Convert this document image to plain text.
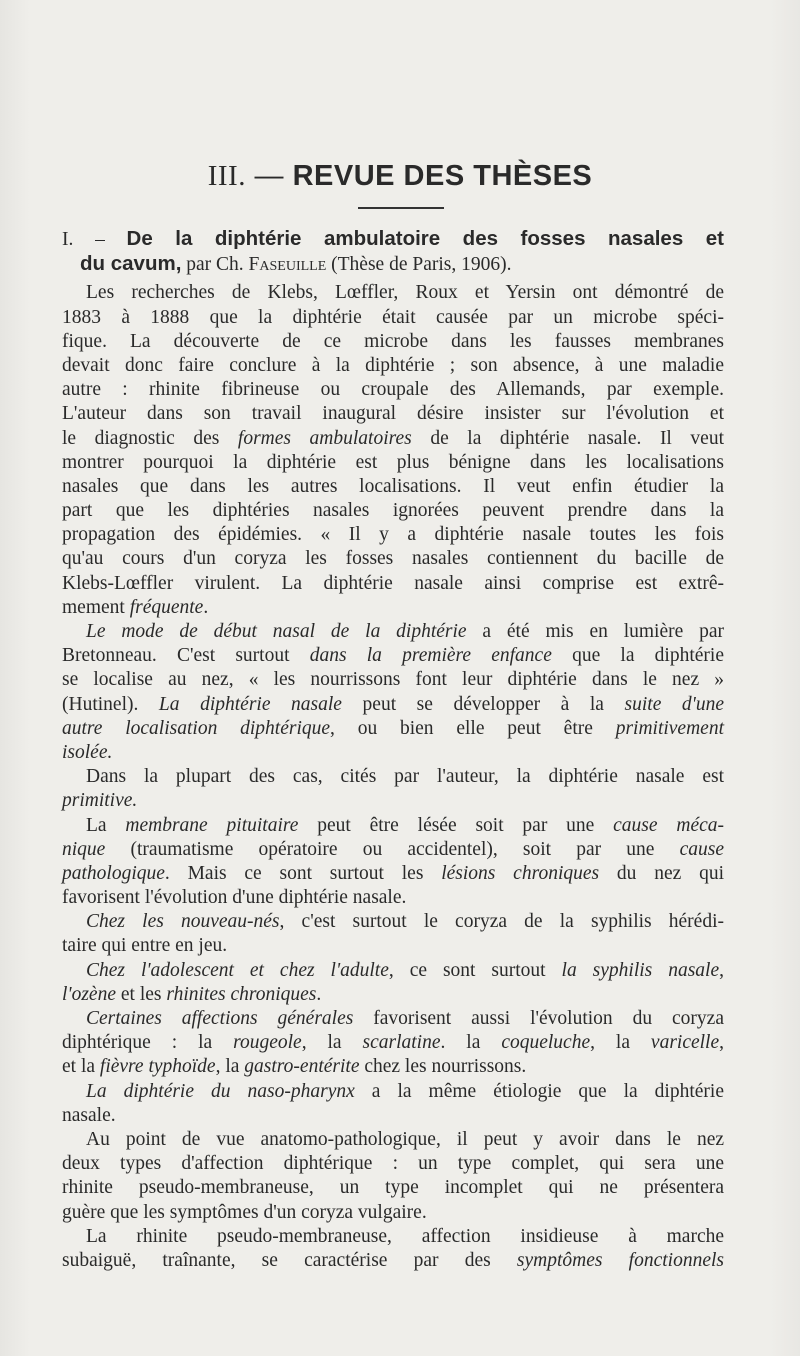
III. — REVUE DES THÈSES
I. – De la diphtérie ambulatoire des fosses nasales et
du cavum, par Ch. Faseuille (Thèse de Paris, 1906).
Les recherches de Klebs, Lœffler, Roux et Yersin ont démontré de
1883 à 1888 que la diphtérie était causée par un microbe spéci-
fique. La découverte de ce microbe dans les fausses membranes
devait donc faire conclure à la diphtérie ; son absence, à une maladie
autre : rhinite fibrineuse ou croupale des Allemands, par exemple.
L'auteur dans son travail inaugural désire insister sur l'évolution et
le diagnostic des formes ambulatoires de la diphtérie nasale. Il veut
montrer pourquoi la diphtérie est plus bénigne dans les localisations
nasales que dans les autres localisations. Il veut enfin étudier la
part que les diphtéries nasales ignorées peuvent prendre dans la
propagation des épidémies. « Il y a diphtérie nasale toutes les fois
qu'au cours d'un coryza les fosses nasales contiennent du bacille de
Klebs-Lœffler virulent. La diphtérie nasale ainsi comprise est extrê-
mement fréquente.
Le mode de début nasal de la diphtérie a été mis en lumière par
Bretonneau. C'est surtout dans la première enfance que la diphtérie
se localise au nez, « les nourrissons font leur diphtérie dans le nez »
(Hutinel). La diphtérie nasale peut se développer à la suite d'une
autre localisation diphtérique, ou bien elle peut être primitivement
isolée.
Dans la plupart des cas, cités par l'auteur, la diphtérie nasale est
primitive.
La membrane pituitaire peut être lésée soit par une cause méca-
nique (traumatisme opératoire ou accidentel), soit par une cause
pathologique. Mais ce sont surtout les lésions chroniques du nez qui
favorisent l'évolution d'une diphtérie nasale.
Chez les nouveau-nés, c'est surtout le coryza de la syphilis hérédi-
taire qui entre en jeu.
Chez l'adolescent et chez l'adulte, ce sont surtout la syphilis nasale,
l'ozène et les rhinites chroniques.
Certaines affections générales favorisent aussi l'évolution du coryza
diphtérique : la rougeole, la scarlatine. la coqueluche, la varicelle,
et la fièvre typhoïde, la gastro-entérite chez les nourrissons.
La diphtérie du naso-pharynx a la même étiologie que la diphtérie
nasale.
Au point de vue anatomo-pathologique, il peut y avoir dans le nez
deux types d'affection diphtérique : un type complet, qui sera une
rhinite pseudo-membraneuse, un type incomplet qui ne présentera
guère que les symptômes d'un coryza vulgaire.
La rhinite pseudo-membraneuse, affection insidieuse à marche
subaiguë, traînante, se caractérise par des symptômes fonctionnels
